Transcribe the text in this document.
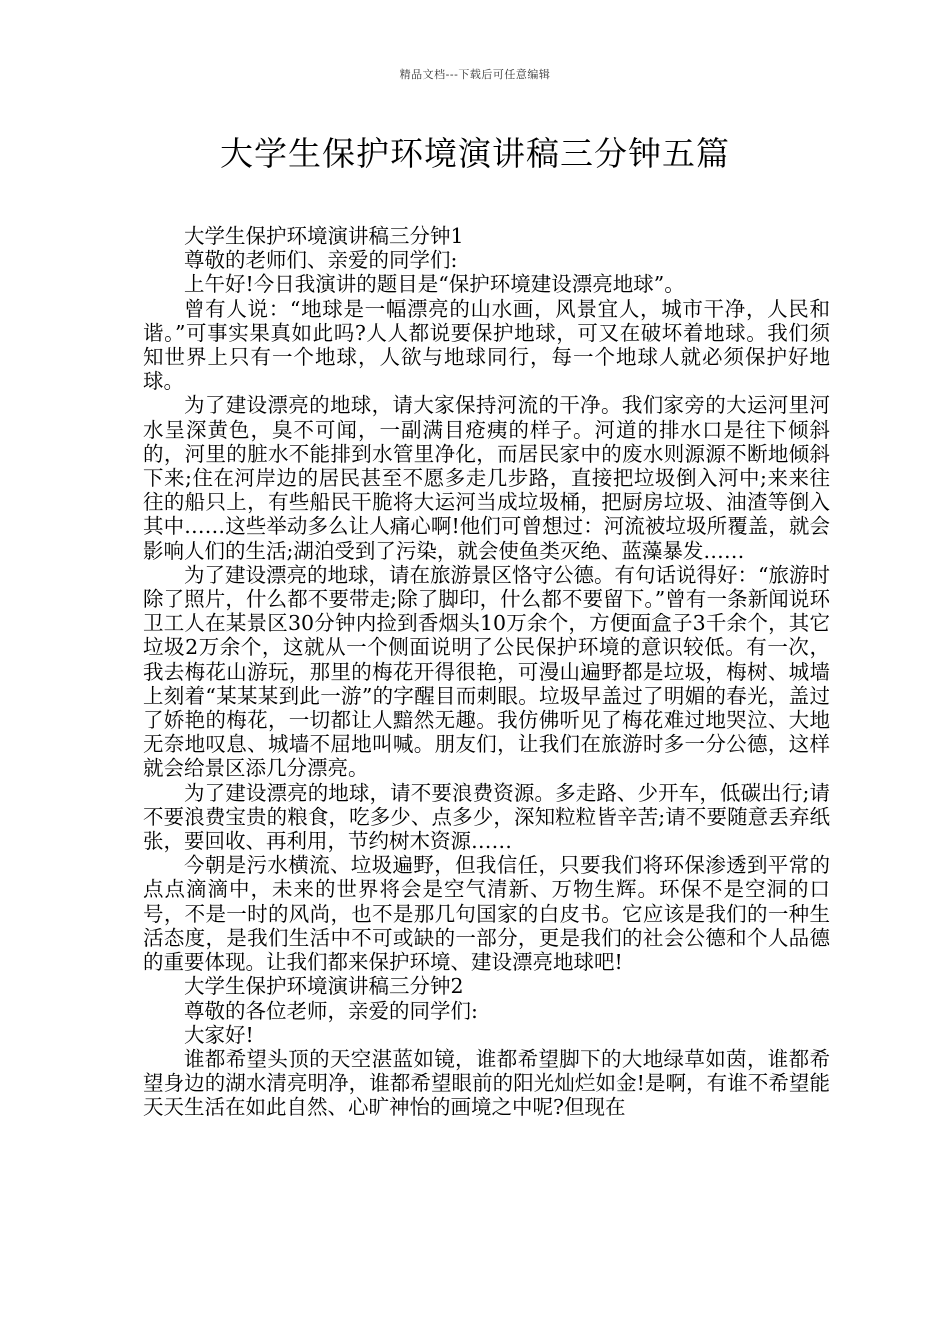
精品文档---下载后可任意编辑
大学生保护环境演讲稿三分钟五篇

大学生保护环境演讲稿三分钟1

尊敬的老师们、亲爱的同学们:

上午好!今日我演讲的题目是“保护环境建设漂亮地球”。

曾有人说：“地球是一幅漂亮的山水画，风景宜人，城市干净，人民和谐。”可事实果真如此吗?人人都说要保护地球，可又在破坏着地球。我们须知世界上只有一个地球，人欲与地球同行，每一个地球人就必须保护好地球。

为了建设漂亮的地球，请大家保持河流的干净。我们家旁的大运河里河水呈深黄色，臭不可闻，一副满目疮痍的样子。河道的排水口是往下倾斜的，河里的脏水不能排到水管里净化，而居民家中的废水则源源不断地倾斜下来;住在河岸边的居民甚至不愿多走几步路，直接把垃圾倒入河中;来来往往的船只上，有些船民干脆将大运河当成垃圾桶，把厨房垃圾、油渣等倒入其中……这些举动多么让人痛心啊!他们可曾想过：河流被垃圾所覆盖，就会影响人们的生活;湖泊受到了污染，就会使鱼类灭绝、蓝藻暴发……

为了建设漂亮的地球，请在旅游景区恪守公德。有句话说得好：“旅游时除了照片，什么都不要带走;除了脚印，什么都不要留下。”曾有一条新闻说环卫工人在某景区30分钟内捡到香烟头10万余个，方便面盒子3千余个，其它垃圾2万余个，这就从一个侧面说明了公民保护环境的意识较低。有一次，我去梅花山游玩，那里的梅花开得很艳，可漫山遍野都是垃圾，梅树、城墙上刻着“某某某到此一游”的字醒目而刺眼。垃圾早盖过了明媚的春光，盖过了娇艳的梅花，一切都让人黯然无趣。我仿佛听见了梅花难过地哭泣、大地无奈地叹息、城墙不屈地叫喊。朋友们，让我们在旅游时多一分公德，这样就会给景区添几分漂亮。

为了建设漂亮的地球，请不要浪费资源。多走路、少开车，低碳出行;请不要浪费宝贵的粮食，吃多少、点多少，深知粒粒皆辛苦;请不要随意丢弃纸张，要回收、再利用，节约树木资源……

今朝是污水横流、垃圾遍野，但我信任，只要我们将环保渗透到平常的点点滴滴中，未来的世界将会是空气清新、万物生辉。环保不是空洞的口号，不是一时的风尚，也不是那几句国家的白皮书。它应该是我们的一种生活态度，是我们生活中不可或缺的一部分，更是我们的社会公德和个人品德的重要体现。让我们都来保护环境、建设漂亮地球吧!

大学生保护环境演讲稿三分钟2

尊敬的各位老师，亲爱的同学们:

大家好!

谁都希望头顶的天空湛蓝如镜，谁都希望脚下的大地绿草如茵，谁都希望身边的湖水清亮明净，谁都希望眼前的阳光灿烂如金!是啊，有谁不希望能天天生活在如此自然、心旷神怡的画境之中呢?但现在
